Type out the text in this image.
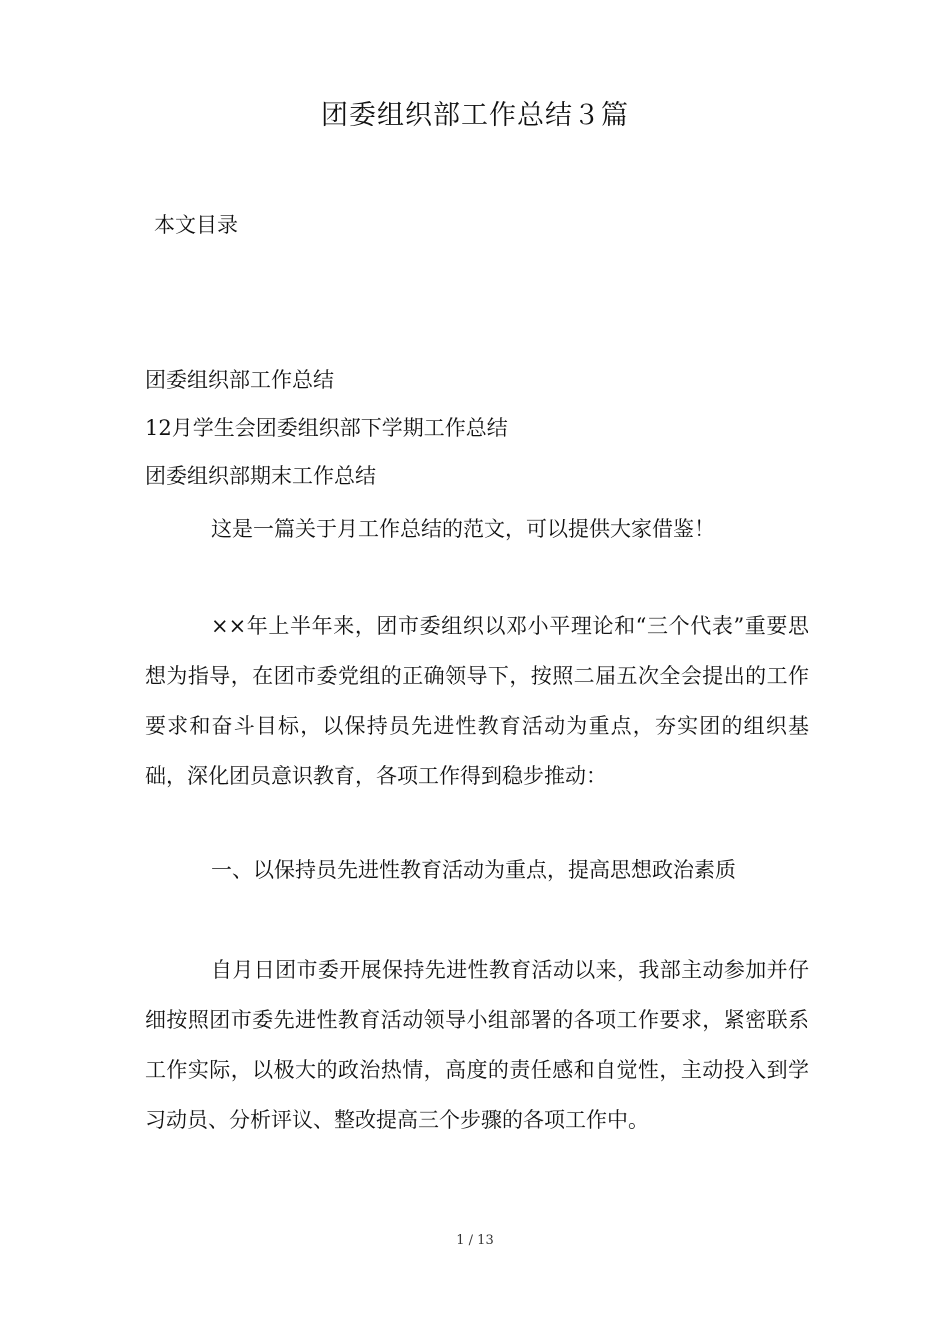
团委组织部工作总结３篇
本文目录
团委组织部工作总结
12月学生会团委组织部下学期工作总结
团委组织部期末工作总结

这是一篇关于月工作总结的范文，可以提供大家借鉴！

××年上半年来，团市委组织以邓小平理论和“三个代表”重要思想为指导，在团市委党组的正确领导下，按照二届五次全会提出的工作要求和奋斗目标，以保持员先进性教育活动为重点，夯实团的组织基础，深化团员意识教育，各项工作得到稳步推动：

一、以保持员先进性教育活动为重点，提高思想政治素质

自月日团市委开展保持先进性教育活动以来，我部主动参加并仔细按照团市委先进性教育活动领导小组部署的各项工作要求，紧密联系工作实际，以极大的政治热情，高度的责任感和自觉性，主动投入到学习动员、分析评议、整改提高三个步骤的各项工作中。

1 / 13
